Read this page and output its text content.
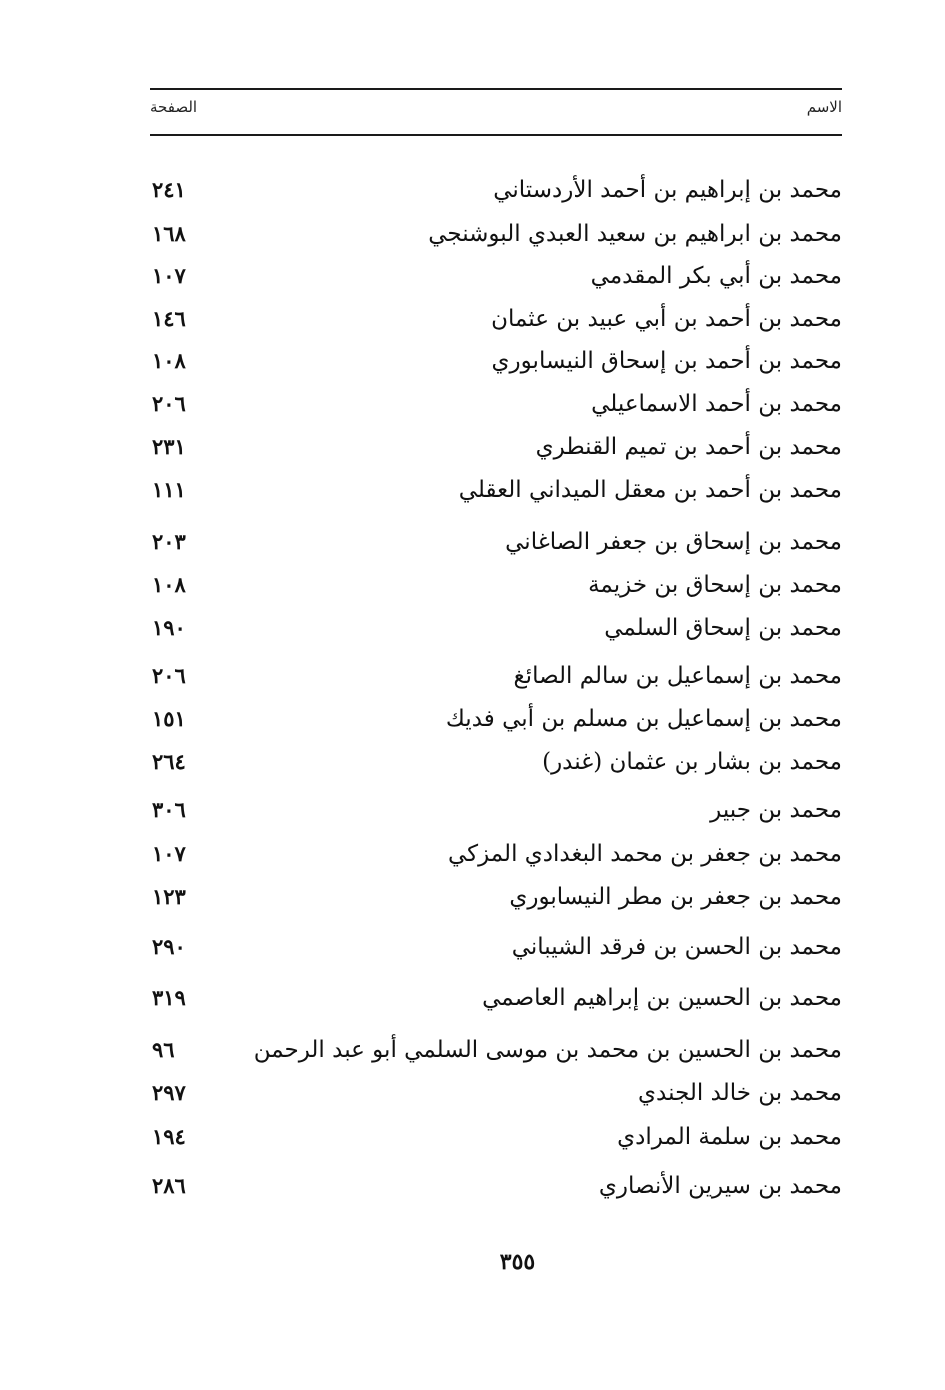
الاسم
الصفحة
محمد بن إبراهيم بن أحمد الأردستاني
٢٤١
محمد بن ابراهيم بن سعيد العبدي البوشنجي
١٦٨
محمد بن أبي بكر المقدمي
١٠٧
محمد بن أحمد بن أبي عبيد بن عثمان
١٤٦
محمد بن أحمد بن إسحاق النيسابوري
١٠٨
محمد بن أحمد الاسماعيلي
٢٠٦
محمد بن أحمد بن تميم القنطري
٢٣١
محمد بن أحمد بن معقل الميداني العقلي
١١١
محمد بن إسحاق بن جعفر الصاغاني
٢٠٣
محمد بن إسحاق بن خزيمة
١٠٨
محمد بن إسحاق السلمي
١٩٠
محمد بن إسماعيل بن سالم الصائغ
٢٠٦
محمد بن إسماعيل بن مسلم بن أبي فديك
١٥١
محمد بن بشار بن عثمان (غندر)
٢٦٤
محمد بن جبير
٣٠٦
محمد بن جعفر بن محمد البغدادي المزكي
١٠٧
محمد بن جعفر بن مطر النيسابوري
١٢٣
محمد بن الحسن بن فرقد الشيباني
٢٩٠
محمد بن الحسين بن إبراهيم العاصمي
٣١٩
محمد بن الحسين بن محمد بن موسى السلمي أبو عبد الرحمن
٩٦
محمد بن خالد الجندي
٢٩٧
محمد بن سلمة المرادي
١٩٤
محمد بن سيرين الأنصاري
٢٨٦
٣٥٥
